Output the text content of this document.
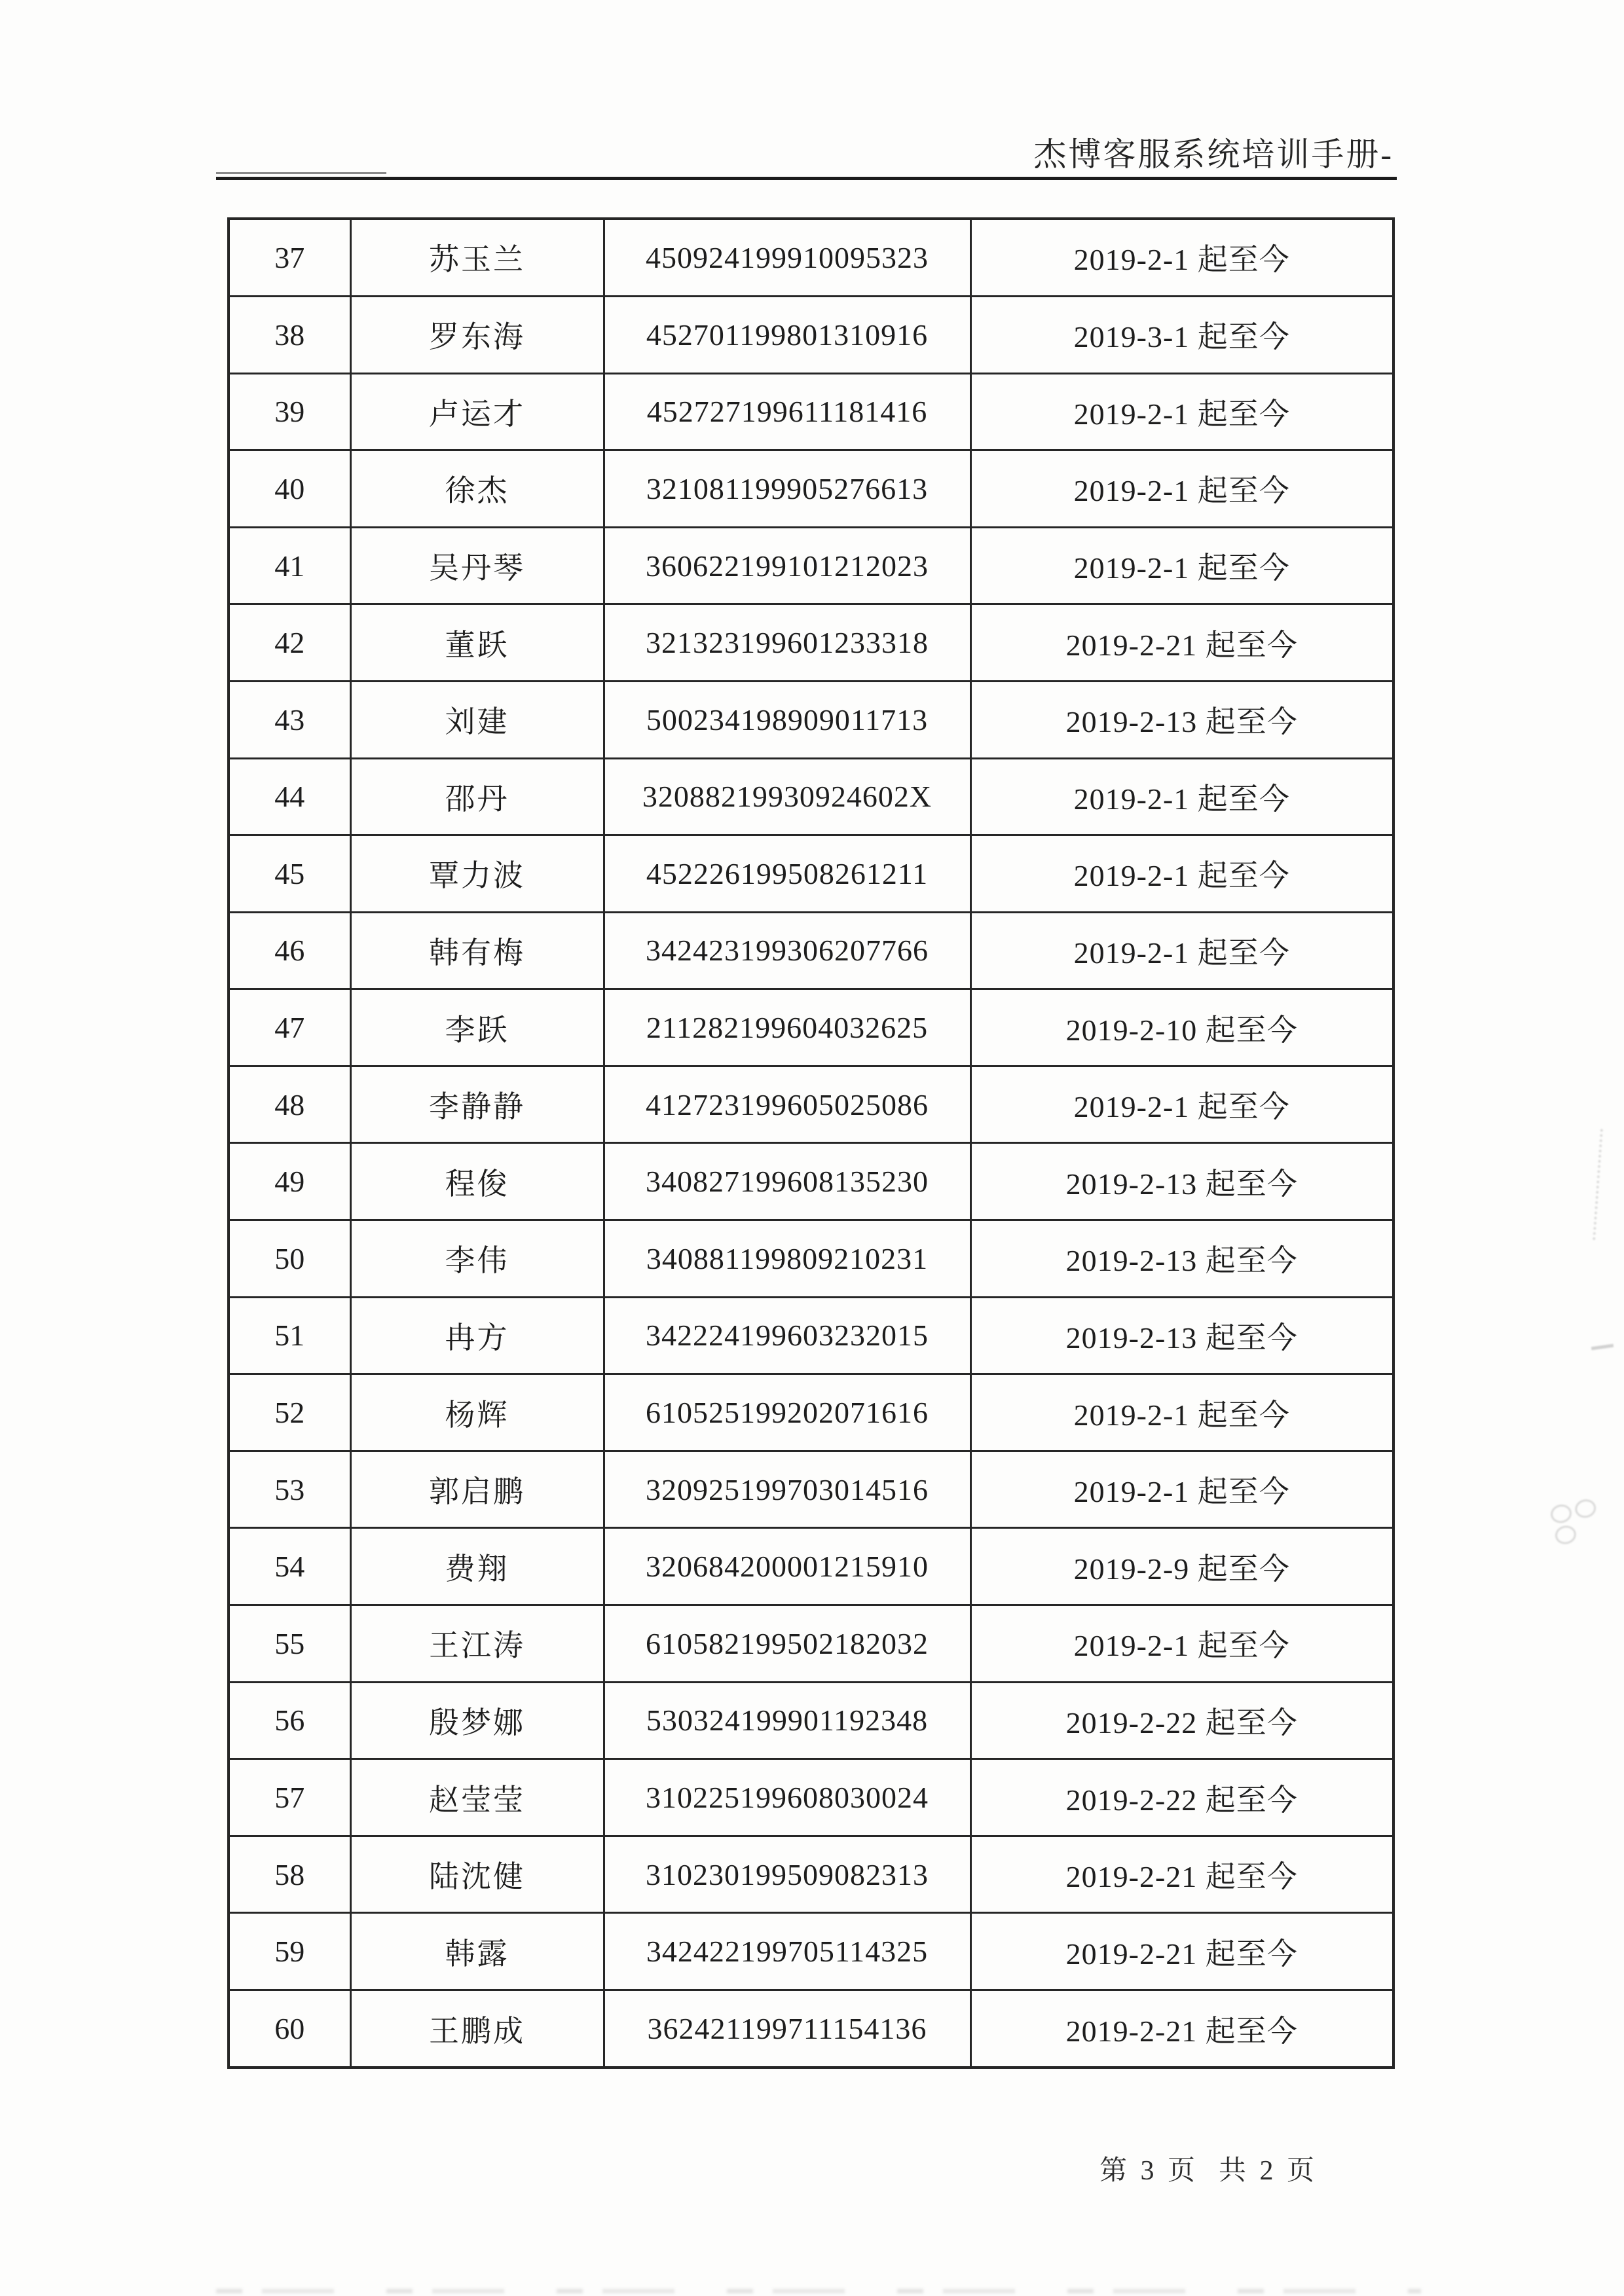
杰博客服系统培训手册-
37	苏玉兰	450924199910095323	2019-2-1 起至今
38	罗东海	452701199801310916	2019-3-1 起至今
39	卢运才	452727199611181416	2019-2-1 起至今
40	徐杰	321081199905276613	2019-2-1 起至今
41	吴丹琴	360622199101212023	2019-2-1 起至今
42	董跃	321323199601233318	2019-2-21 起至今
43	刘建	500234198909011713	2019-2-13 起至今
44	邵丹	32088219930924602X	2019-2-1 起至今
45	覃力波	452226199508261211	2019-2-1 起至今
46	韩有梅	342423199306207766	2019-2-1 起至今
47	李跃	211282199604032625	2019-2-10 起至今
48	李静静	412723199605025086	2019-2-1 起至今
49	程俊	340827199608135230	2019-2-13 起至今
50	李伟	340881199809210231	2019-2-13 起至今
51	冉方	342224199603232015	2019-2-13 起至今
52	杨辉	610525199202071616	2019-2-1 起至今
53	郭启鹏	320925199703014516	2019-2-1 起至今
54	费翔	320684200001215910	2019-2-9 起至今
55	王江涛	610582199502182032	2019-2-1 起至今
56	殷梦娜	530324199901192348	2019-2-22 起至今
57	赵莹莹	310225199608030024	2019-2-22 起至今
58	陆沈健	310230199509082313	2019-2-21 起至今
59	韩露	342422199705114325	2019-2-21 起至今
60	王鹏成	362421199711154136	2019-2-21 起至今
第 3 页  共 2 页
